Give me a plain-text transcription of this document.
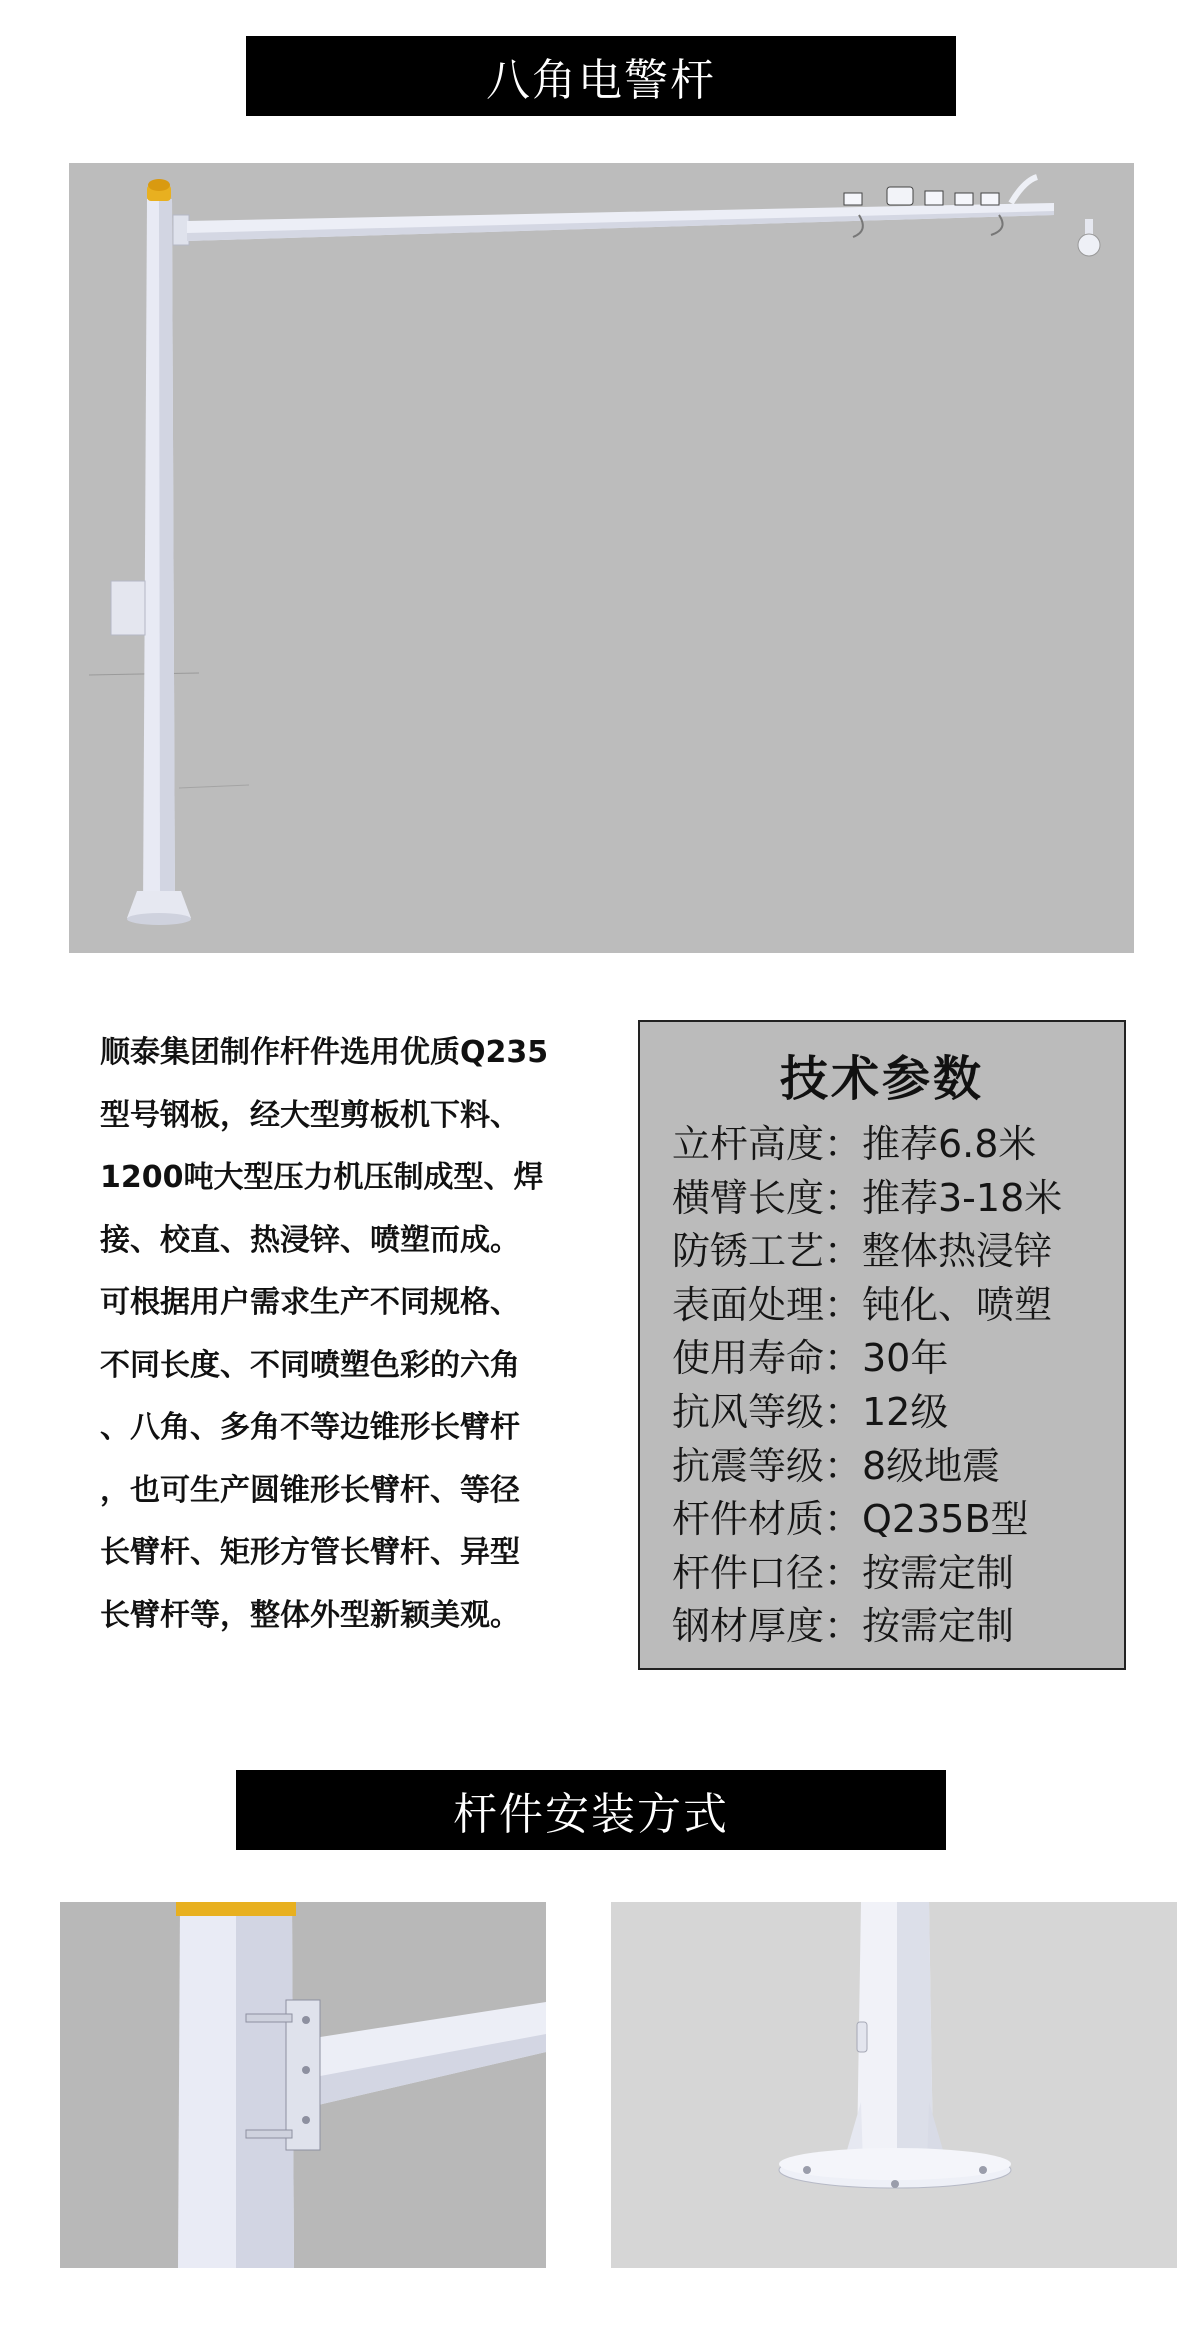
八角电警杆

顺泰集团制作杆件选用优质Q235
型号钢板，经大型剪板机下料、
1200吨大型压力机压制成型、焊
接、校直、热浸锌、喷塑而成。
可根据用户需求生产不同规格、
不同长度、不同喷塑色彩的六角
、八角、多角不等边锥形长臂杆
，也可生产圆锥形长臂杆、等径
长臂杆、矩形方管长臂杆、异型
长臂杆等，整体外型新颖美观。

技术参数
立杆高度：推荐6.8米
横臂长度：推荐3-18米
防锈工艺：整体热浸锌
表面处理：钝化、喷塑
使用寿命：30年
抗风等级：12级
抗震等级：8级地震
杆件材质：Q235B型
杆件口径：按需定制
钢材厚度：按需定制
杆件安装方式
